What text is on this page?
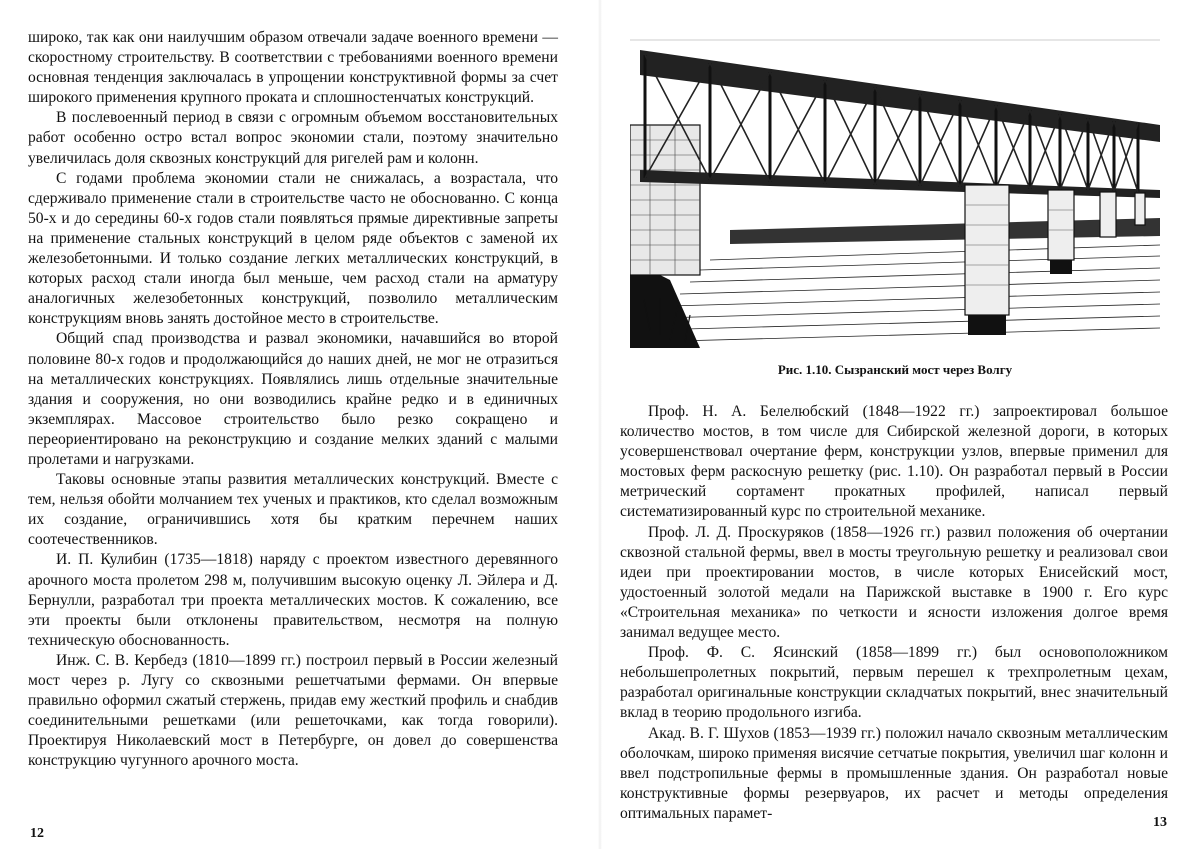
широко, так как они наилучшим образом отвечали задаче военного времени — скоростному строительству. В соответствии с требованиями военного времени основная тенденция заключалась в упрощении конструктивной формы за счет широкого применения крупного проката и сплошностенчатых конструкций.

В послевоенный период в связи с огромным объемом восстановительных работ особенно остро встал вопрос экономии стали, поэтому значительно увеличилась доля сквозных конструкций для ригелей рам и колонн.

С годами проблема экономии стали не снижалась, а возрастала, что сдерживало применение стали в строительстве часто не обоснованно. С конца 50-х и до середины 60-х годов стали появляться прямые директивные запреты на применение стальных конструкций в целом ряде объектов с заменой их железобетонными. И только создание легких металлических конструкций, в которых расход стали иногда был меньше, чем расход стали на арматуру аналогичных железобетонных конструкций, позволило металлическим конструкциям вновь занять достойное место в строительстве.

Общий спад производства и развал экономики, начавшийся во второй половине 80-х годов и продолжающийся до наших дней, не мог не отразиться на металлических конструкциях. Появлялись лишь отдельные значительные здания и сооружения, но они возводились крайне редко и в единичных экземплярах. Массовое строительство было резко сокращено и переориентировано на реконструкцию и создание мелких зданий с малыми пролетами и нагрузками.

Таковы основные этапы развития металлических конструкций. Вместе с тем, нельзя обойти молчанием тех ученых и практиков, кто сделал возможным их создание, ограничившись хотя бы кратким перечнем наших соотечественников.

И. П. Кулибин (1735—1818) наряду с проектом известного деревянного арочного моста пролетом 298 м, получившим высокую оценку Л. Эйлера и Д. Бернулли, разработал три проекта металлических мостов. К сожалению, все эти проекты были отклонены правительством, несмотря на полную техническую обоснованность.

Инж. С. В. Кербедз (1810—1899 гг.) построил первый в России железный мост через р. Лугу со сквозными решетчатыми фермами. Он впервые правильно оформил сжатый стержень, придав ему жесткий профиль и снабдив соединительными решетками (или решеточками, как тогда говорили). Проектируя Николаевский мост в Петербурге, он довел до совершенства конструкцию чугунного арочного моста.

12
Рис. 1.10. Сызранский мост через Волгу

Проф. Н. А. Белелюбский (1848—1922 гг.) запроектировал большое количество мостов, в том числе для Сибирской железной дороги, в которых усовершенствовал очертание ферм, конструкции узлов, впервые применил для мостовых ферм раскосную решетку (рис. 1.10). Он разработал первый в России метрический сортамент прокатных профилей, написал первый систематизированный курс по строительной механике.

Проф. Л. Д. Проскуряков (1858—1926 гг.) развил положения об очертании сквозной стальной фермы, ввел в мосты треугольную решетку и реализовал свои идеи при проектировании мостов, в числе которых Енисейский мост, удостоенный золотой медали на Парижской выставке в 1900 г. Его курс «Строительная механика» по четкости и ясности изложения долгое время занимал ведущее место.

Проф. Ф. С. Ясинский (1858—1899 гг.) был основоположником небольшепролетных покрытий, первым перешел к трехпролетным цехам, разработал оригинальные конструкции складчатых покрытий, внес значительный вклад в теорию продольного изгиба.

Акад. В. Г. Шухов (1853—1939 гг.) положил начало сквозным металлическим оболочкам, широко применяя висячие сетчатые покрытия, увеличил шаг колонн и ввел подстропильные фермы в промышленные здания. Он разработал новые конструктивные формы резервуаров, их расчет и методы определения оптимальных парамет-

13
